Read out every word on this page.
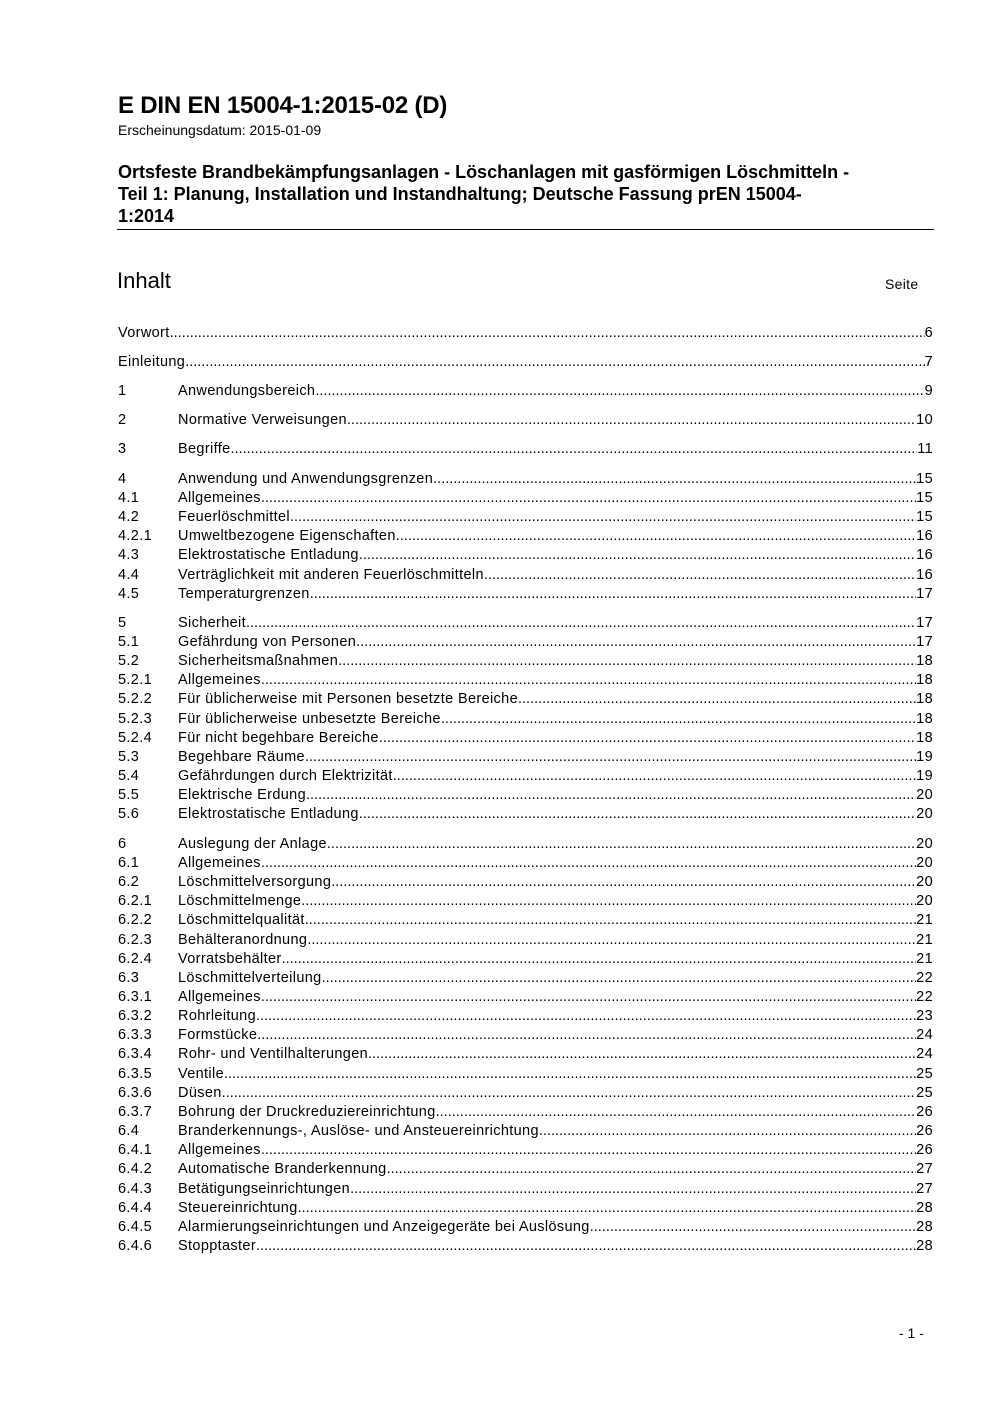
E DIN EN 15004-1:2015-02 (D)
Erscheinungsdatum: 2015-01-09
Ortsfeste Brandbekämpfungsanlagen - Löschanlagen mit gasförmigen Löschmitteln -
Teil 1: Planung, Installation und Instandhaltung; Deutsche Fassung prEN 15004-
1:2014
Inhalt	Seite
Vorwort .....	6
Einleitung .....	7
1	Anwendungsbereich .....	9
2	Normative Verweisungen .....	10
3	Begriffe .....	11
4	Anwendung und Anwendungsgrenzen .....	15
4.1	Allgemeines .....	15
4.2	Feuerlöschmittel .....	15
4.2.1	Umweltbezogene Eigenschaften .....	16
4.3	Elektrostatische Entladung .....	16
4.4	Verträglichkeit mit anderen Feuerlöschmitteln .....	16
4.5	Temperaturgrenzen .....	17
5	Sicherheit .....	17
5.1	Gefährdung von Personen .....	17
5.2	Sicherheitsmaßnahmen .....	18
5.2.1	Allgemeines .....	18
5.2.2	Für üblicherweise mit Personen besetzte Bereiche .....	18
5.2.3	Für üblicherweise unbesetzte Bereiche .....	18
5.2.4	Für nicht begehbare Bereiche .....	18
5.3	Begehbare Räume .....	19
5.4	Gefährdungen durch Elektrizität .....	19
5.5	Elektrische Erdung .....	20
5.6	Elektrostatische Entladung .....	20
6	Auslegung der Anlage .....	20
6.1	Allgemeines .....	20
6.2	Löschmittelversorgung .....	20
6.2.1	Löschmittelmenge .....	20
6.2.2	Löschmittelqualität .....	21
6.2.3	Behälteranordnung .....	21
6.2.4	Vorratsbehälter .....	21
6.3	Löschmittelverteilung .....	22
6.3.1	Allgemeines .....	22
6.3.2	Rohrleitung .....	23
6.3.3	Formstücke .....	24
6.3.4	Rohr- und Ventilhalterungen .....	24
6.3.5	Ventile .....	25
6.3.6	Düsen .....	25
6.3.7	Bohrung der Druckreduziereinrichtung .....	26
6.4	Branderkennungs-, Auslöse- und Ansteuereinrichtung .....	26
6.4.1	Allgemeines .....	26
6.4.2	Automatische Branderkennung .....	27
6.4.3	Betätigungseinrichtungen .....	27
6.4.4	Steuereinrichtung .....	28
6.4.5	Alarmierungseinrichtungen und Anzeigegeräte bei Auslösung .....	28
6.4.6	Stopptaster .....	28
- 1 -
